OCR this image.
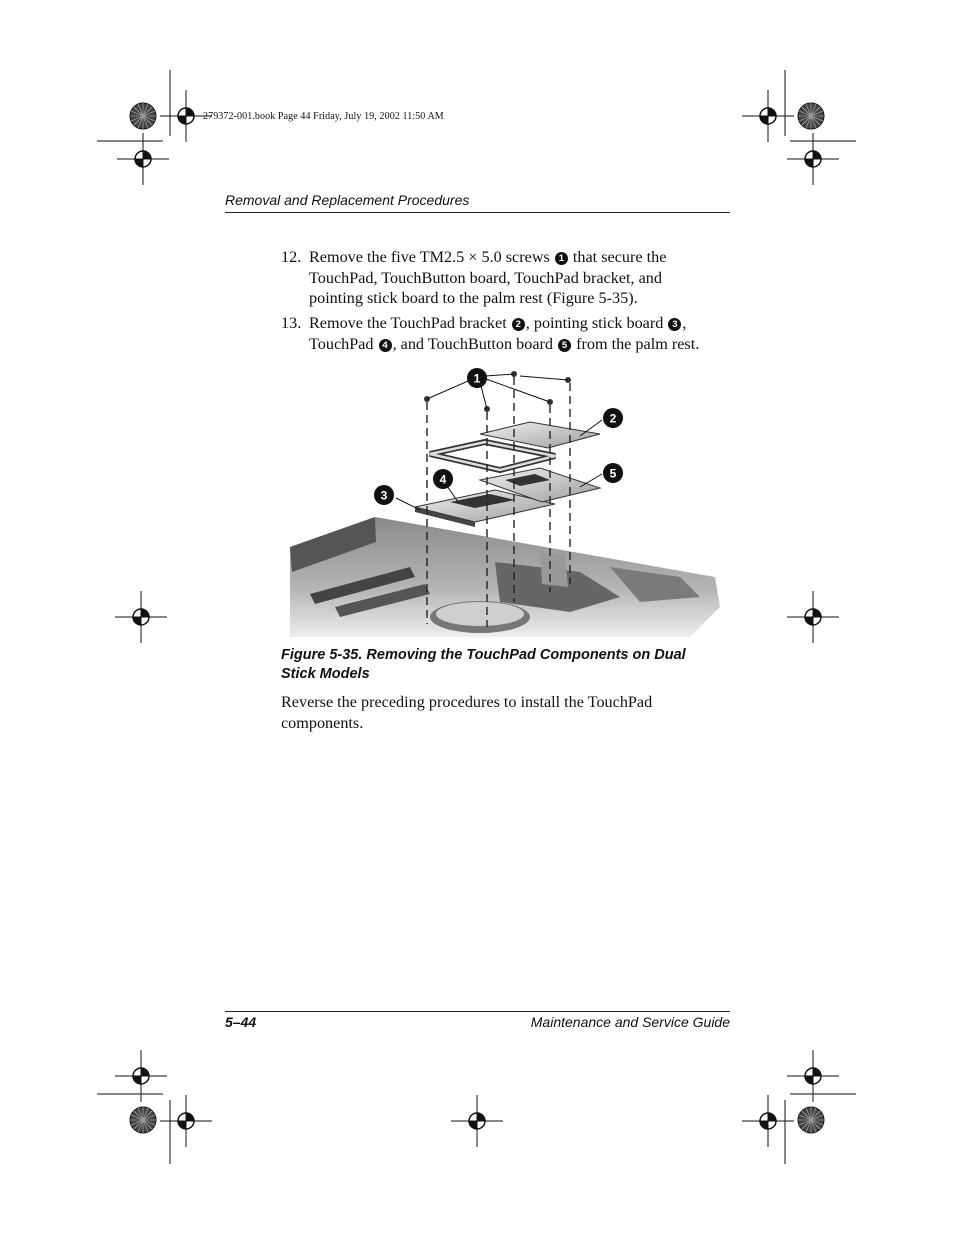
279372-001.book Page 44 Friday, July 19, 2002 11:50 AM
Removal and Replacement Procedures
12. Remove the five TM2.5 × 5.0 screws 1 that secure the
TouchPad, TouchButton board, TouchPad bracket, and
pointing stick board to the palm rest (Figure 5-35).
13. Remove the TouchPad bracket 2 , pointing stick board 3 ,
TouchPad 4 , and TouchButton board 5 from the palm rest.
1
2
3
4	5
Figure 5-35. Removing the TouchPad Components on Dual
Stick Models
Reverse the preceding procedures to install the TouchPad
components.
5–44	Maintenance and Service Guide
